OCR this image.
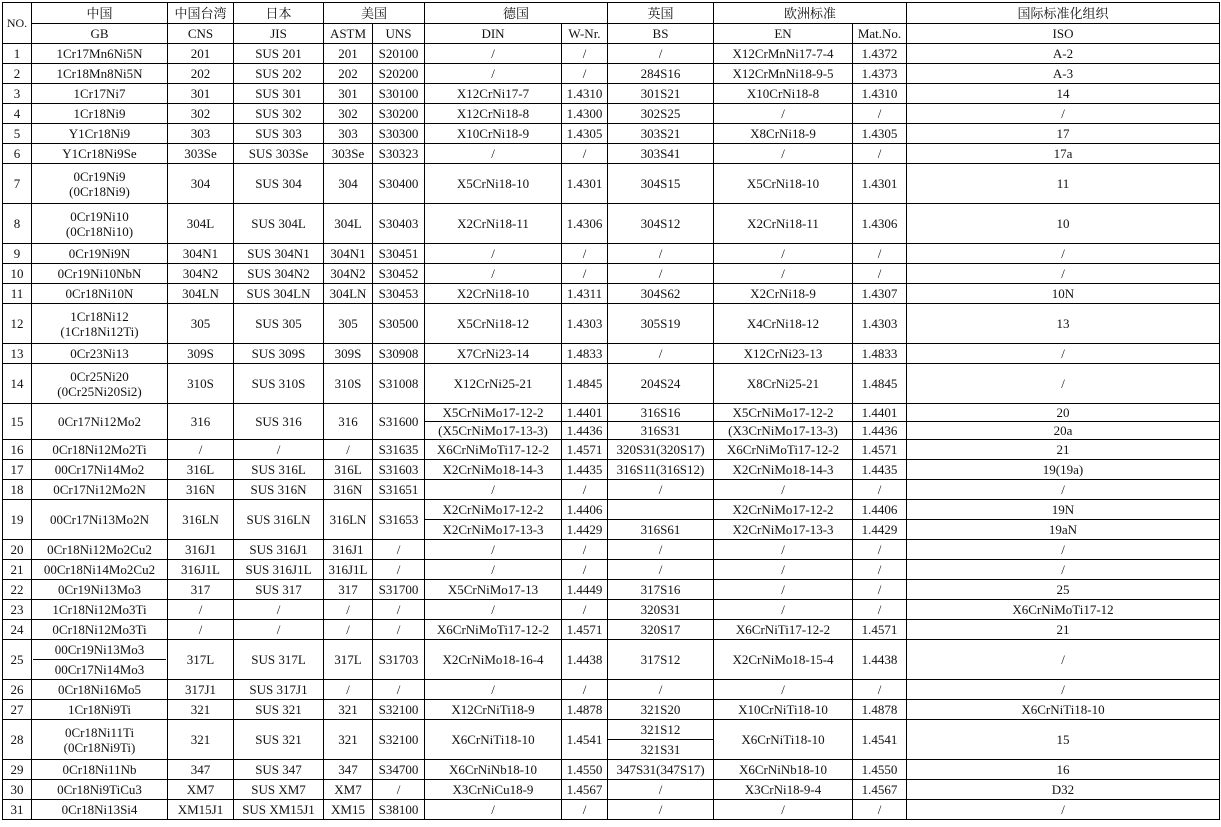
NO.	中国	中国台湾	日本	美国		德国		英国	欧洲标准		国际标准化组织
	GB	CNS	JIS	ASTM	UNS	DIN	W-Nr.	BS	EN	Mat.No.	ISO
1	1Cr17Mn6Ni5N	201	SUS 201	201	S20100	/	/	/	X12CrMnNi17-7-4	1.4372	A-2
2	1Cr18Mn8Ni5N	202	SUS 202	202	S20200	/	/	284S16	X12CrMnNi18-9-5	1.4373	A-3
3	1Cr17Ni7	301	SUS 301	301	S30100	X12CrNi17-7	1.4310	301S21	X10CrNi18-8	1.4310	14
4	1Cr18Ni9	302	SUS 302	302	S30200	X12CrNi18-8	1.4300	302S25	/	/	/
5	Y1Cr18Ni9	303	SUS 303	303	S30300	X10CrNi18-9	1.4305	303S21	X8CrNi18-9	1.4305	17
6	Y1Cr18Ni9Se	303Se	SUS 303Se	303Se	S30323	/	/	303S41	/	/	17a
7	0Cr19Ni9
(0Cr18Ni9)	304	SUS 304	304	S30400	X5CrNi18-10	1.4301	304S15	X5CrNi18-10	1.4301	11
8	0Cr19Ni10
(0Cr18Ni10)	304L	SUS 304L	304L	S30403	X2CrNi18-11	1.4306	304S12	X2CrNi18-11	1.4306	10
9	0Cr19Ni9N	304N1	SUS 304N1	304N1	S30451	/	/	/	/	/	/
10	0Cr19Ni10NbN	304N2	SUS 304N2	304N2	S30452	/	/	/	/	/	/
11	0Cr18Ni10N	304LN	SUS 304LN	304LN	S30453	X2CrNi18-10	1.4311	304S62	X2CrNi18-9	1.4307	10N
12	1Cr18Ni12
(1Cr18Ni12Ti)	305	SUS 305	305	S30500	X5CrNi18-12	1.4303	305S19	X4CrNi18-12	1.4303	13
13	0Cr23Ni13	309S	SUS 309S	309S	S30908	X7CrNi23-14	1.4833	/	X12CrNi23-13	1.4833	/
14	0Cr25Ni20
(0Cr25Ni20Si2)	310S	SUS 310S	310S	S31008	X12CrNi25-21	1.4845	204S24	X8CrNi25-21	1.4845	/
15	0Cr17Ni12Mo2	316	SUS 316	316	S31600	X5CrNiMo17-12-2	1.4401	316S16	X5CrNiMo17-12-2	1.4401	20
						(X5CrNiMo17-13-3)	1.4436	316S31	(X3CrNiMo17-13-3)	1.4436	20a
16	0Cr18Ni12Mo2Ti	/	/	/	S31635	X6CrNiMoTi17-12-2	1.4571	320S31(320S17)	X6CrNiMoTi17-12-2	1.4571	21
17	00Cr17Ni14Mo2	316L	SUS 316L	316L	S31603	X2CrNiMo18-14-3	1.4435	316S11(316S12)	X2CrNiMo18-14-3	1.4435	19(19a)
18	0Cr17Ni12Mo2N	316N	SUS 316N	316N	S31651	/	/	/	/	/	/
19	00Cr17Ni13Mo2N	316LN	SUS 316LN	316LN	S31653	X2CrNiMo17-12-2	1.4406		X2CrNiMo17-12-2	1.4406	19N
						X2CrNiMo17-13-3	1.4429	316S61	X2CrNiMo17-13-3	1.4429	19aN
20	0Cr18Ni12Mo2Cu2	316J1	SUS 316J1	316J1	/	/	/	/	/	/	/
21	00Cr18Ni14Mo2Cu2	316J1L	SUS 316J1L	316J1L	/	/	/	/	/	/	/
22	0Cr19Ni13Mo3	317	SUS 317	317	S31700	X5CrNiMo17-13	1.4449	317S16	/	/	25
23	1Cr18Ni12Mo3Ti	/	/	/	/	/	/	320S31	/	/	X6CrNiMoTi17-12
24	0Cr18Ni12Mo3Ti	/	/	/	/	X6CrNiMoTi17-12-2	1.4571	320S17	X6CrNiTi17-12-2	1.4571	21
25	00Cr19Ni13Mo3
00Cr17Ni14Mo3	317L	SUS 317L	317L	S31703	X2CrNiMo18-16-4	1.4438	317S12	X2CrNiMo18-15-4	1.4438	/
26	0Cr18Ni16Mo5	317J1	SUS 317J1	/	/	/	/	/	/	/	/
27	1Cr18Ni9Ti	321	SUS 321	321	S32100	X12CrNiTi18-9	1.4878	321S20	X10CrNiTi18-10	1.4878	X6CrNiTi18-10
28	0Cr18Ni11Ti
(0Cr18Ni9Ti)	321	SUS 321	321	S32100	X6CrNiTi18-10	1.4541	321S12	X6CrNiTi18-10	1.4541	15
								321S31			
29	0Cr18Ni11Nb	347	SUS 347	347	S34700	X6CrNiNb18-10	1.4550	347S31(347S17)	X6CrNiNb18-10	1.4550	16
30	0Cr18Ni9TiCu3	XM7	SUS XM7	XM7	/	X3CrNiCu18-9	1.4567	/	X3CrNi18-9-4	1.4567	D32
31	0Cr18Ni13Si4	XM15J1	SUS XM15J1	XM15	S38100	/	/	/	/	/	/
